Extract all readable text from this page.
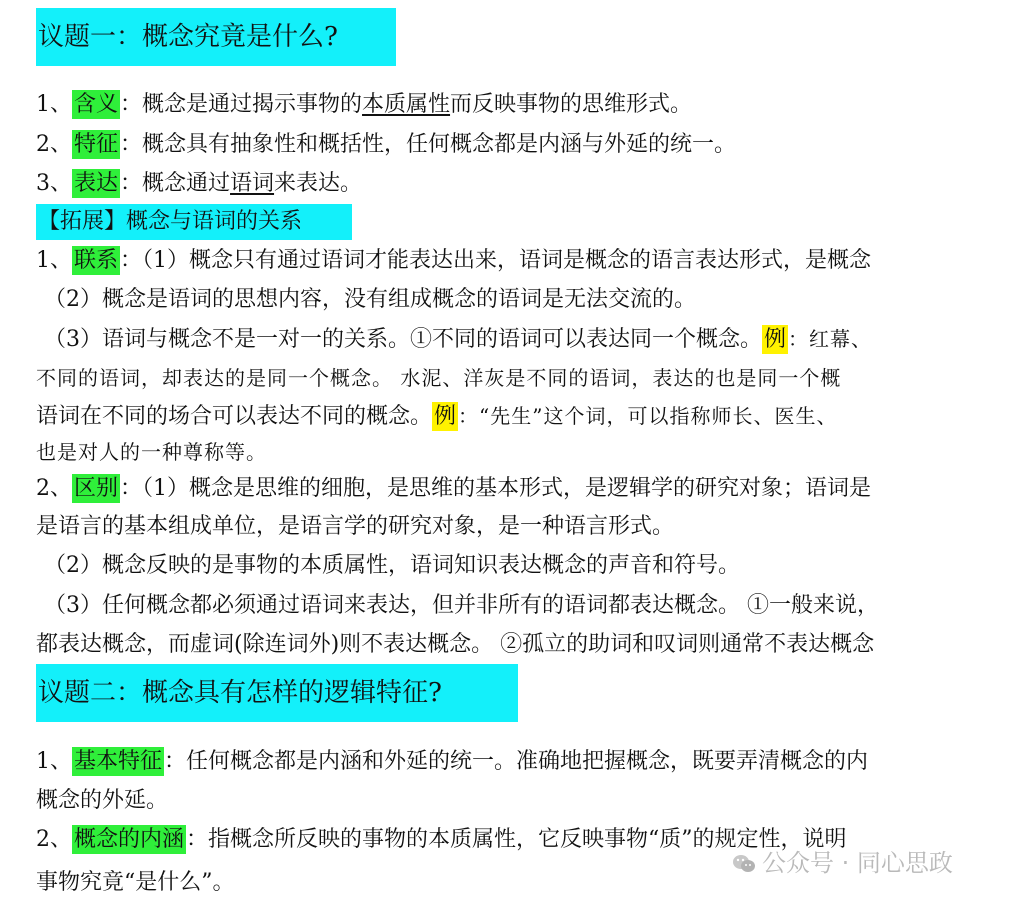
议题一：概念究竟是什么?
1、含义：概念是通过揭示事物的本质属性而反映事物的思维形式。
2、特征：概念具有抽象性和概括性，任何概念都是内涵与外延的统一。
3、表达：概念通过语词来表达。
【拓展】概念与语词的关系
1、联系：（1）概念只有通过语词才能表达出来，语词是概念的语言表达形式，是概念
（2）概念是语词的思想内容，没有组成概念的语词是无法交流的。
（3）语词与概念不是一对一的关系。①不同的语词可以表达同一个概念。例 ：红幕、
不同的语词，却表达的是同一个概念。 水泥、洋灰是不同的语词，表达的也是同一个概
语词在不同的场合可以表达不同的概念。例 ：“先生”这个词，可以指称师长、医生、
也是对人的一种尊称等。
2、区别：（1）概念是思维的细胞，是思维的基本形式，是逻辑学的研究对象；语词是
是语言的基本组成单位，是语言学的研究对象，是一种语言形式。
（2）概念反映的是事物的本质属性，语词知识表达概念的声音和符号。
（3）任何概念都必须通过语词来表达，但并非所有的语词都表达概念。 ①一般来说，
都表达概念，而虚词(除连词外)则不表达概念。 ②孤立的助词和叹词则通常不表达概念
议题二：概念具有怎样的逻辑特征?
1、基本特征：任何概念都是内涵和外延的统一。准确地把握概念，既要弄清概念的内
概念的外延。
2、概念的内涵：指概念所反映的事物的本质属性，它反映事物“质”的规定性，说明
事物究竟“是什么”。
公众号 · 同心思政
